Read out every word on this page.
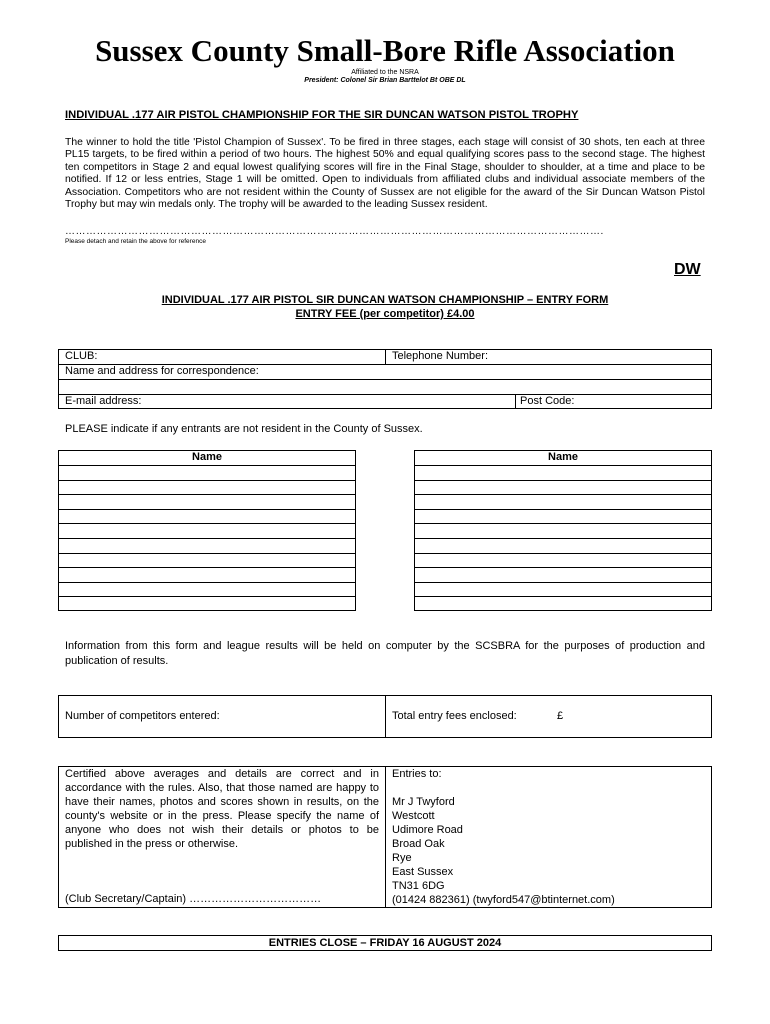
Sussex County Small-Bore Rifle Association
Affiliated to the NSRA
President: Colonel Sir Brian Barttelot Bt OBE DL
INDIVIDUAL .177 AIR PISTOL CHAMPIONSHIP FOR THE SIR DUNCAN WATSON PISTOL TROPHY
The winner to hold the title 'Pistol Champion of Sussex'. To be fired in three stages, each stage will consist of 30 shots, ten each at three PL15 targets, to be fired within a period of two hours. The highest 50% and equal qualifying scores pass to the second stage. The highest ten competitors in Stage 2 and equal lowest qualifying scores will fire in the Final Stage, shoulder to shoulder, at a time and place to be notified. If 12 or less entries, Stage 1 will be omitted. Open to individuals from affiliated clubs and individual associate members of the Association. Competitors who are not resident within the County of Sussex are not eligible for the award of the Sir Duncan Watson Pistol Trophy but may win medals only. The trophy will be awarded to the leading Sussex resident.
……………………………………………………………………………………………………………………………………….
Please detach and retain the above for reference
DW
INDIVIDUAL .177 AIR PISTOL SIR DUNCAN WATSON CHAMPIONSHIP – ENTRY FORM
ENTRY FEE (per competitor) £4.00
CLUB:	Telephone Number:
Name and address for correspondence:
E-mail address:	Post Code:
PLEASE indicate if any entrants are not resident in the County of Sussex.
Name	Name
Information from this form and league results will be held on computer by the SCSBRA for the purposes of production and publication of results.
Number of competitors entered:	Total entry fees enclosed:	£
Certified above averages and details are correct and in accordance with the rules. Also, that those named are happy to have their names, photos and scores shown in results, on the county's website or in the press. Please specify the name of anyone who does not wish their details or photos to be published in the press or otherwise.
(Club Secretary/Captain) ………………………………
Entries to:
Mr J Twyford
Westcott
Udimore Road
Broad Oak
Rye
East Sussex
TN31 6DG
(01424 882361) (twyford547@btinternet.com)
ENTRIES CLOSE – FRIDAY 16 AUGUST 2024
